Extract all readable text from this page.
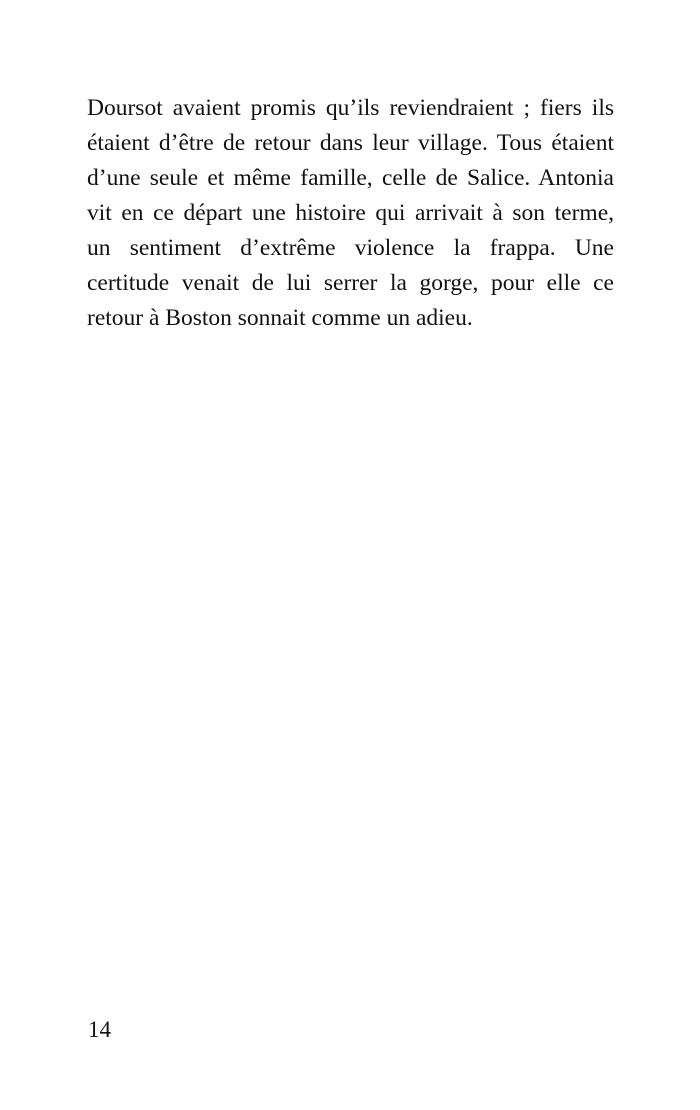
Doursot avaient promis qu’ils reviendraient ; fiers ils
étaient d’être de retour dans leur village. Tous étaient
d’une seule et même famille, celle de Salice. Antonia
vit en ce départ une histoire qui arrivait à son terme,
un sentiment d’extrême violence la frappa. Une
certitude venait de lui serrer la gorge, pour elle ce
retour à Boston sonnait comme un adieu.
14
